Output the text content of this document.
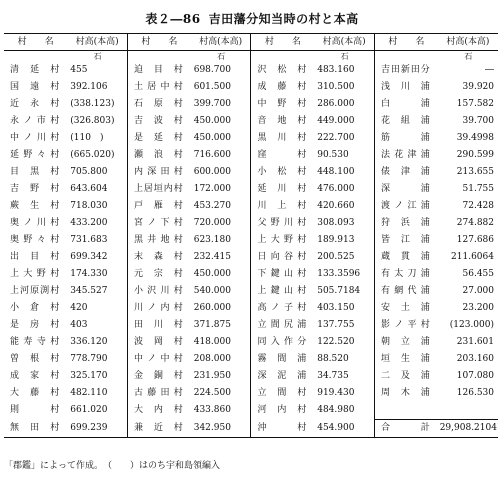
表２―86 吉田藩分知当時の村と本高
村　　名	村高(本高)	村　　名	村高(本高)	村　　名	村高(本高)	村　　名	村高(本高)
	石		石		石		石
清延村	455	迫目村	698.700	沢松村	483.160	吉田新田分	―
国遠村	392.106	土居中村	601.500	成藤村	310.500	浅川浦	39.920
近永村	(338.123)	石原村	399.700	中野村	286.000	白浦	157.582
永ノ市村	(326.803)	吉波村	450.000	音地村	449.000	花組浦	39.700
中ノ川村	(110　)	是延村	450.000	黒川村	222.700	筋浦	39.4998
延野々村	(665.020)	瀬浪村	716.600	窪村	90.530	法花津浦	290.599
目黒村	705.800	内深田村	600.000	小松村	448.100	俵津浦	213.655
吉野村	643.604	上居垣内村	172.000	延川村	476.000	深浦	51.755
蕨生村	718.030	戸雁村	453.270	川上村	420.660	渡ノ江浦	72.428
奥ノ川村	433.200	宮ノ下村	720.000	父野川村	308.093	狩浜浦	274.882
奥野々村	731.683	黒井地村	623.180	上大野村	189.913	皆江浦	127.686
出目村	699.342	末森村	232.415	日向谷村	200.525	蔵貫浦	211.6064
上大野村	174.330	元宗村	450.000	下鍵山村	133.3596	有太刀浦	56.455
上河原渕村	345.527	小沢川村	540.000	上鍵山村	505.7184	有網代浦	27.000
小倉村	420	川ノ内村	260.000	高ノ子村	403.150	安土浦	23.200
是房村	403	田川村	371.875	立間尻浦	137.755	影ノ平村	(123.000)
能寿寺村	336.120	波岡村	418.000	同入作分	122.520	朝立浦	231.601
曽根村	778.790	中ノ中村	208.000	霧間浦	88.520	垣生浦	203.160
成家村	325.170	金銅村	231.950	深泥浦	34.735	二及浦	107.080
大藤村	482.110	古藤田村	224.500	立間村	919.430	周木浦	126.530
則村	661.020	大内村	433.860	河内村	484.980		
無田村	699.239	兼近村	342.950	沖村	454.900	合　　計	29,908.2104
「郡鑑」によって作成。　（　　）はのち宇和島領編入
